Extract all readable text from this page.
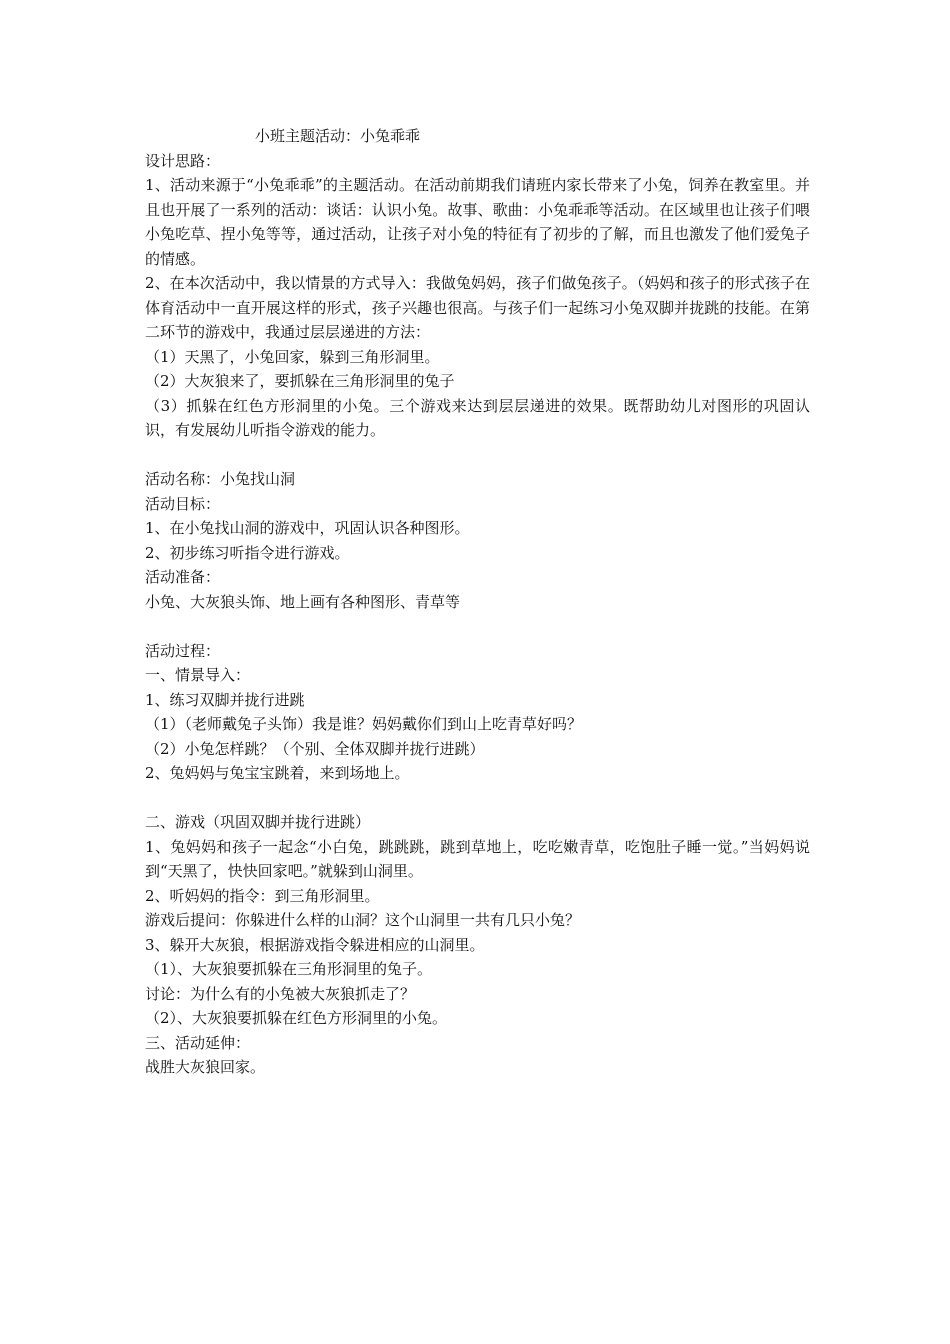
小班主题活动：小兔乖乖
设计思路：
1、活动来源于“小兔乖乖”的主题活动。在活动前期我们请班内家长带来了小兔，饲养在教室里。并且也开展了一系列的活动：谈话：认识小兔。故事、歌曲：小兔乖乖等活动。在区域里也让孩子们喂小兔吃草、捏小兔等等，通过活动，让孩子对小兔的特征有了初步的了解，而且也激发了他们爱兔子的情感。
2、在本次活动中，我以情景的方式导入：我做兔妈妈，孩子们做兔孩子。（妈妈和孩子的形式孩子在体育活动中一直开展这样的形式，孩子兴趣也很高。与孩子们一起练习小兔双脚并拢跳的技能。在第二环节的游戏中，我通过层层递进的方法：
（1）天黑了，小兔回家，躲到三角形洞里。
（2）大灰狼来了，要抓躲在三角形洞里的兔子
（3）抓躲在红色方形洞里的小兔。三个游戏来达到层层递进的效果。既帮助幼儿对图形的巩固认识，有发展幼儿听指令游戏的能力。
活动名称：小兔找山洞
活动目标：
1、在小兔找山洞的游戏中，巩固认识各种图形。
2、初步练习听指令进行游戏。
活动准备：
小兔、大灰狼头饰、地上画有各种图形、青草等
活动过程：
一、情景导入：
1、练习双脚并拢行进跳
（1）（老师戴兔子头饰）我是谁？妈妈戴你们到山上吃青草好吗？
（2）小兔怎样跳？（个别、全体双脚并拢行进跳）
2、兔妈妈与兔宝宝跳着，来到场地上。
二、游戏（巩固双脚并拢行进跳）
1、兔妈妈和孩子一起念“小白兔，跳跳跳，跳到草地上，吃吃嫩青草，吃饱肚子睡一觉。”当妈妈说到“天黑了，快快回家吧。”就躲到山洞里。
2、听妈妈的指令：到三角形洞里。
游戏后提问：你躲进什么样的山洞？这个山洞里一共有几只小兔？
3、躲开大灰狼，根据游戏指令躲进相应的山洞里。
（1）、大灰狼要抓躲在三角形洞里的兔子。
讨论：为什么有的小兔被大灰狼抓走了？
（2）、大灰狼要抓躲在红色方形洞里的小兔。
三、活动延伸：
战胜大灰狼回家。
